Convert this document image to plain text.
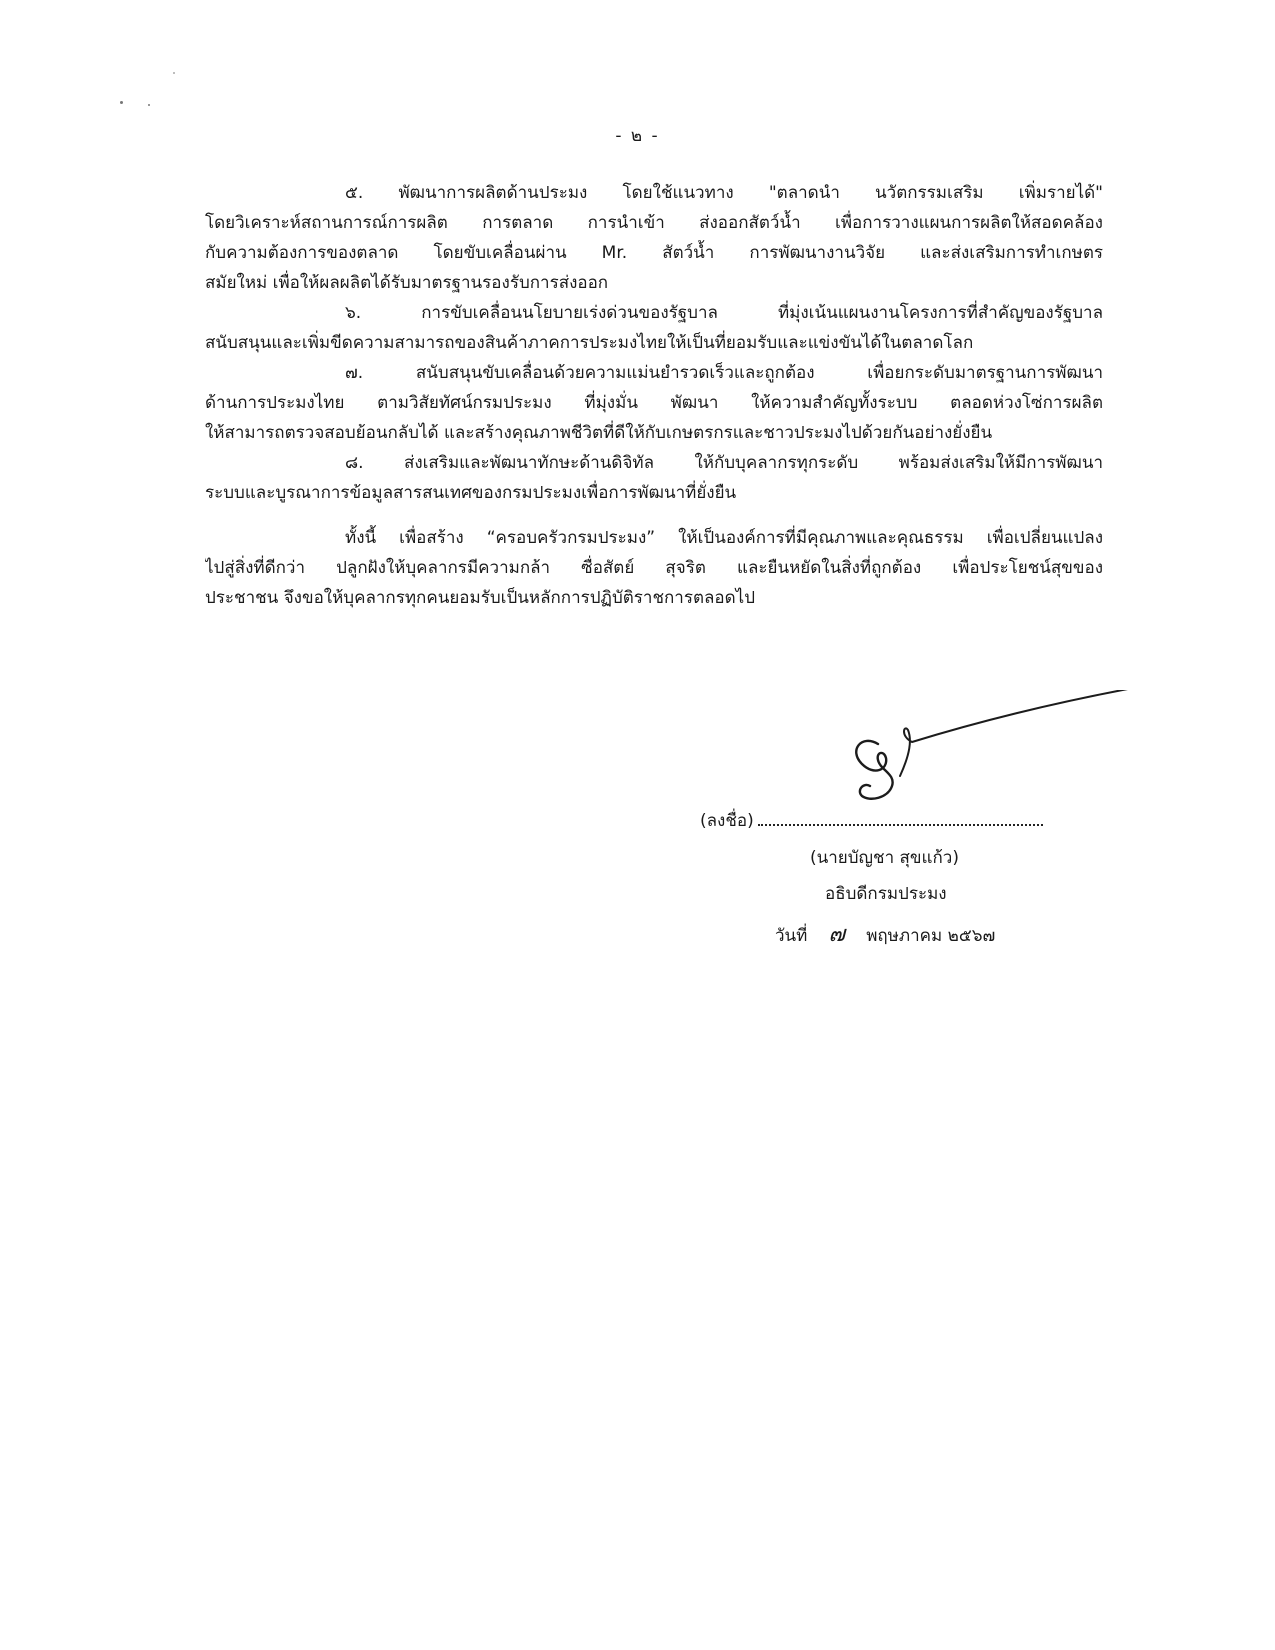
- ๒ -
๕. พัฒนาการผลิตด้านประมง โดยใช้แนวทาง "ตลาดนำ นวัตกรรมเสริม เพิ่มรายได้"
โดยวิเคราะห์สถานการณ์การผลิต การตลาด การนำเข้า ส่งออกสัตว์น้ำ เพื่อการวางแผนการผลิตให้สอดคล้อง
กับความต้องการของตลาด โดยขับเคลื่อนผ่าน Mr. สัตว์น้ำ การพัฒนางานวิจัย และส่งเสริมการทำเกษตร
สมัยใหม่ เพื่อให้ผลผลิตได้รับมาตรฐานรองรับการส่งออก
๖. การขับเคลื่อนนโยบายเร่งด่วนของรัฐบาล ที่มุ่งเน้นแผนงานโครงการที่สำคัญของรัฐบาล
สนับสนุนและเพิ่มขีดความสามารถของสินค้าภาคการประมงไทยให้เป็นที่ยอมรับและแข่งขันได้ในตลาดโลก
๗. สนับสนุนขับเคลื่อนด้วยความแม่นยำรวดเร็วและถูกต้อง เพื่อยกระดับมาตรฐานการพัฒนา
ด้านการประมงไทย ตามวิสัยทัศน์กรมประมง ที่มุ่งมั่น พัฒนา ให้ความสำคัญทั้งระบบ ตลอดห่วงโซ่การผลิต
ให้สามารถตรวจสอบย้อนกลับได้ และสร้างคุณภาพชีวิตที่ดีให้กับเกษตรกรและชาวประมงไปด้วยกันอย่างยั่งยืน
๘. ส่งเสริมและพัฒนาทักษะด้านดิจิทัล ให้กับบุคลากรทุกระดับ พร้อมส่งเสริมให้มีการพัฒนา
ระบบและบูรณาการข้อมูลสารสนเทศของกรมประมงเพื่อการพัฒนาที่ยั่งยืน
ทั้งนี้ เพื่อสร้าง “ครอบครัวกรมประมง” ให้เป็นองค์การที่มีคุณภาพและคุณธรรม เพื่อเปลี่ยนแปลง
ไปสู่สิ่งที่ดีกว่า ปลูกฝังให้บุคลากรมีความกล้า ซื่อสัตย์ สุจริต และยืนหยัดในสิ่งที่ถูกต้อง เพื่อประโยชน์สุขของ
ประชาชน จึงขอให้บุคลากรทุกคนยอมรับเป็นหลักการปฏิบัติราชการตลอดไป
(ลงชื่อ)
(นายบัญชา สุขแก้ว)
อธิบดีกรมประมง
วันที่ ๗ พฤษภาคม ๒๕๖๗
